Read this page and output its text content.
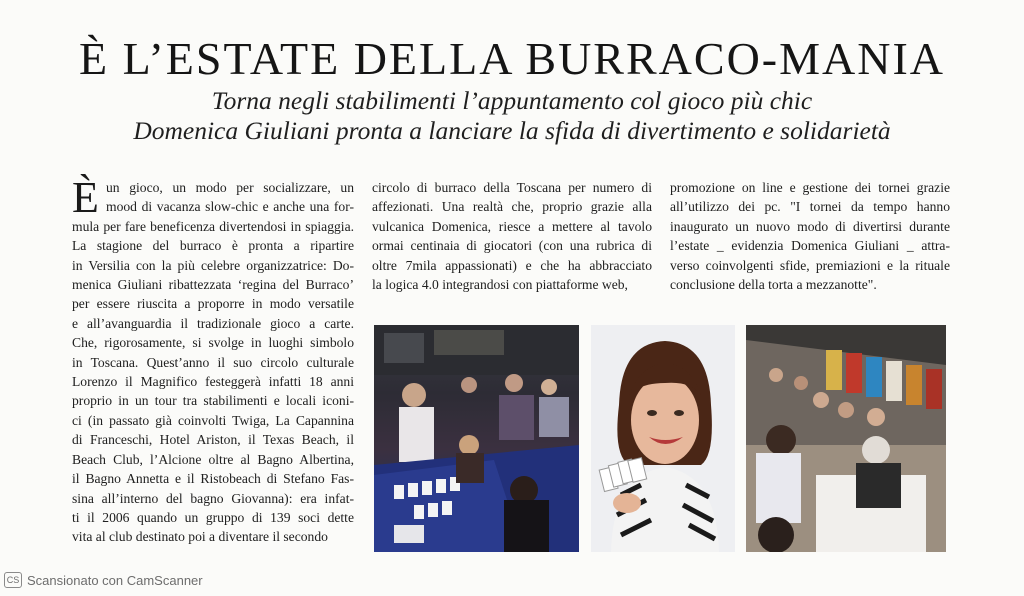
È L’ESTATE DELLA BURRACO-MANIA
Torna negli stabilimenti l’appuntamento col gioco più chic
Domenica Giuliani pronta a lanciare la sfida di divertimento e solidarietà
È un gioco, un modo per socializzare, un
mood di vacanza slow-chic e anche una for-
mula per fare beneficenza divertendosi in spiaggia.
La stagione del burraco è pronta a ripartire
in Versilia con la più celebre organizzatrice: Do-
menica Giuliani ribattezzata ‘regina del Burraco’
per essere riuscita a proporre in modo versatile
e all’avanguardia il tradizionale gioco a carte.
Che, rigorosamente, si svolge in luoghi simbolo
in Toscana. Quest’anno il suo circolo culturale
Lorenzo il Magnifico festeggerà infatti 18 anni
proprio in un tour tra stabilimenti e locali iconi-
ci (in passato già coinvolti Twiga, La Capannina
di Franceschi, Hotel Ariston, il Texas Beach, il
Beach Club, l’Alcione oltre al Bagno Albertina,
il Bagno Annetta e il Ristobeach di Stefano Fas-
sina all’interno del bagno Giovanna): era infat-
ti il 2006 quando un gruppo di 139 soci dette
vita al club destinato poi a diventare il secondo
circolo di burraco della Toscana per numero di
affezionati. Una realtà che, proprio grazie alla
vulcanica Domenica, riesce a mettere al tavolo
ormai centinaia di giocatori (con una rubrica di
oltre 7mila appassionati) e che ha abbracciato
la logica 4.0 integrandosi con piattaforme web,
promozione on line e gestione dei tornei grazie
all’utilizzo dei pc. "I tornei da tempo hanno
inaugurato un nuovo modo di divertirsi durante
l’estate _ evidenzia Domenica Giuliani _ attra-
verso coinvolgenti sfide, premiazioni e la rituale
conclusione della torta a mezzanotte".
CS Scansionato con CamScanner
